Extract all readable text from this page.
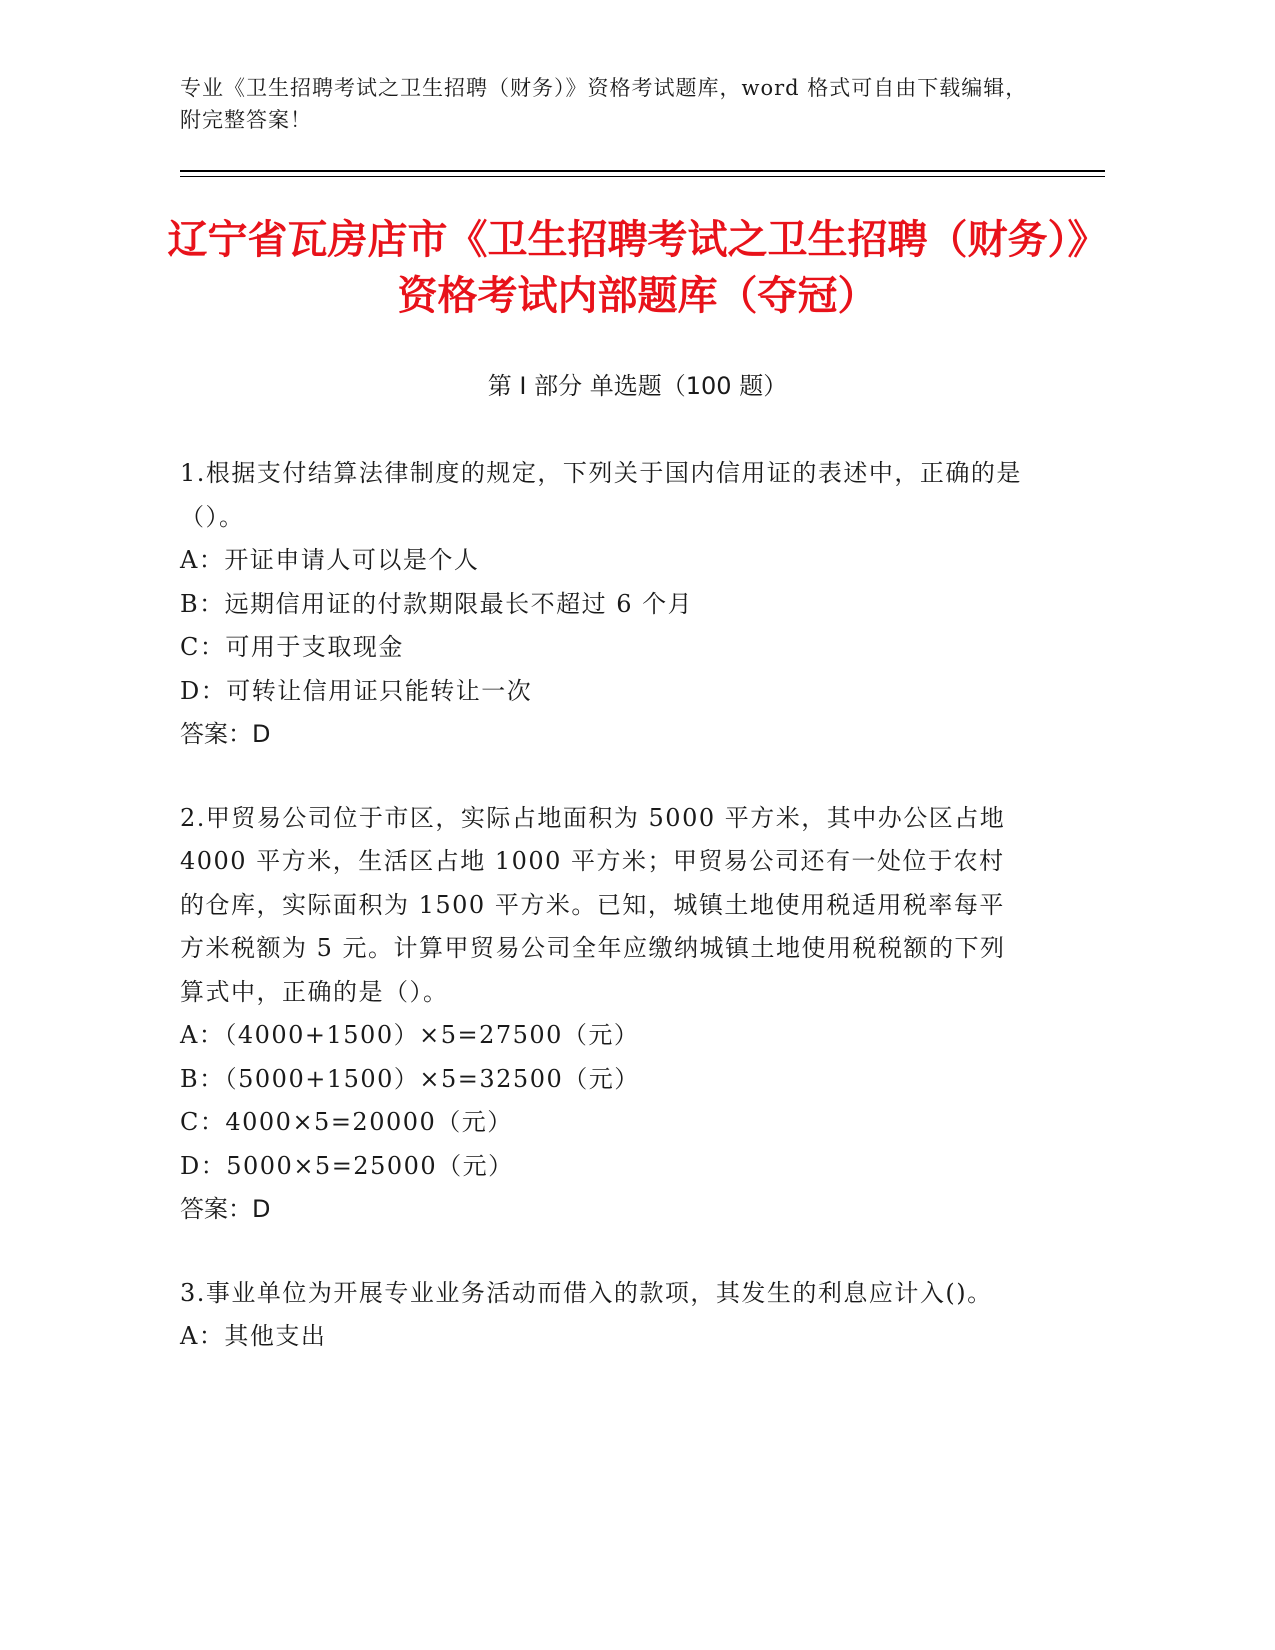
专业《卫生招聘考试之卫生招聘（财务）》资格考试题库，word 格式可自由下载编辑，附完整答案！
辽宁省瓦房店市《卫生招聘考试之卫生招聘（财务）》资格考试内部题库（夺冠）
第 I 部分 单选题（100 题）
1.根据支付结算法律制度的规定，下列关于国内信用证的表述中，正确的是（）。
A：开证申请人可以是个人
B：远期信用证的付款期限最长不超过 6 个月
C：可用于支取现金
D：可转让信用证只能转让一次
答案：D
2.甲贸易公司位于市区，实际占地面积为 5000 平方米，其中办公区占地 4000 平方米，生活区占地 1000 平方米；甲贸易公司还有一处位于农村的仓库，实际面积为 1500 平方米。已知，城镇土地使用税适用税率每平方米税额为 5 元。计算甲贸易公司全年应缴纳城镇土地使用税税额的下列算式中，正确的是（）。
A：（4000+1500）×5=27500（元）
B：（5000+1500）×5=32500（元）
C：4000×5=20000（元）
D：5000×5=25000（元）
答案：D
3.事业单位为开展专业业务活动而借入的款项，其发生的利息应计入()。
A：其他支出
